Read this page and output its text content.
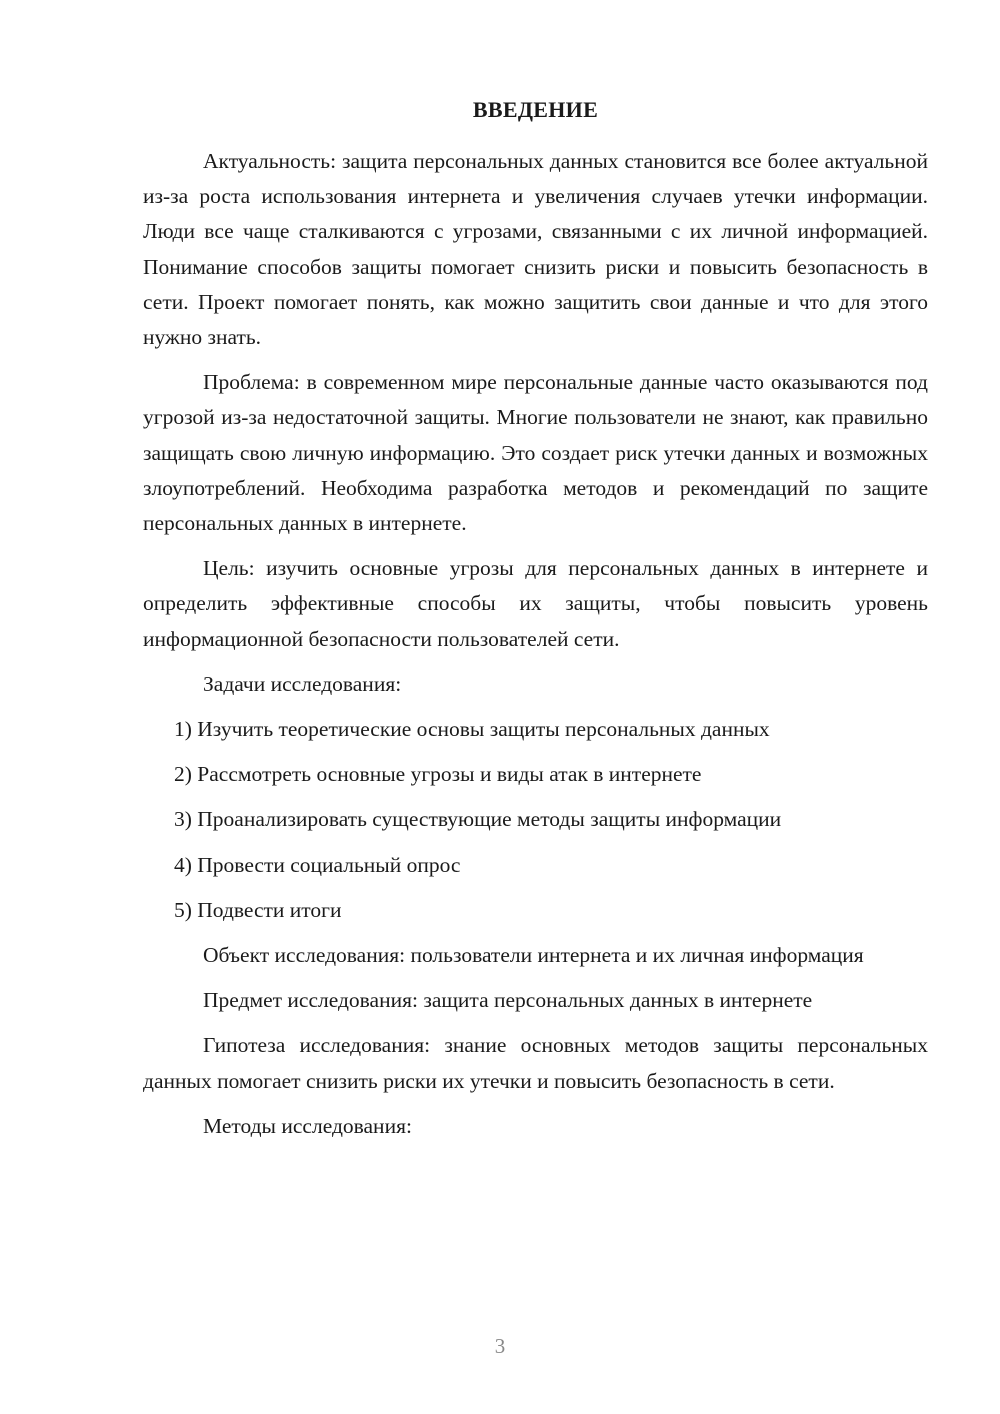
ВВЕДЕНИЕ

Актуальность: защита персональных данных становится все более актуальной из-за роста использования интернета и увеличения случаев утечки информации. Люди все чаще сталкиваются с угрозами, связанными с их личной информацией. Понимание способов защиты помогает снизить риски и повысить безопасность в сети. Проект помогает понять, как можно защитить свои данные и что для этого нужно знать.

Проблема: в современном мире персональные данные часто оказываются под угрозой из-за недостаточной защиты. Многие пользователи не знают, как правильно защищать свою личную информацию. Это создает риск утечки данных и возможных злоупотреблений. Необходима разработка методов и рекомендаций по защите персональных данных в интернете.

Цель: изучить основные угрозы для персональных данных в интернете и определить эффективные способы их защиты, чтобы повысить уровень информационной безопасности пользователей сети.

Задачи исследования:

1) Изучить теоретические основы защиты персональных данных

2) Рассмотреть основные угрозы и виды атак в интернете

3) Проанализировать существующие методы защиты информации

4) Провести социальный опрос

5) Подвести итоги

Объект исследования: пользователи интернета и их личная информация

Предмет исследования: защита персональных данных в интернете

Гипотеза исследования: знание основных методов защиты персональных данных помогает снизить риски их утечки и повысить безопасность в сети.

Методы исследования:

3
